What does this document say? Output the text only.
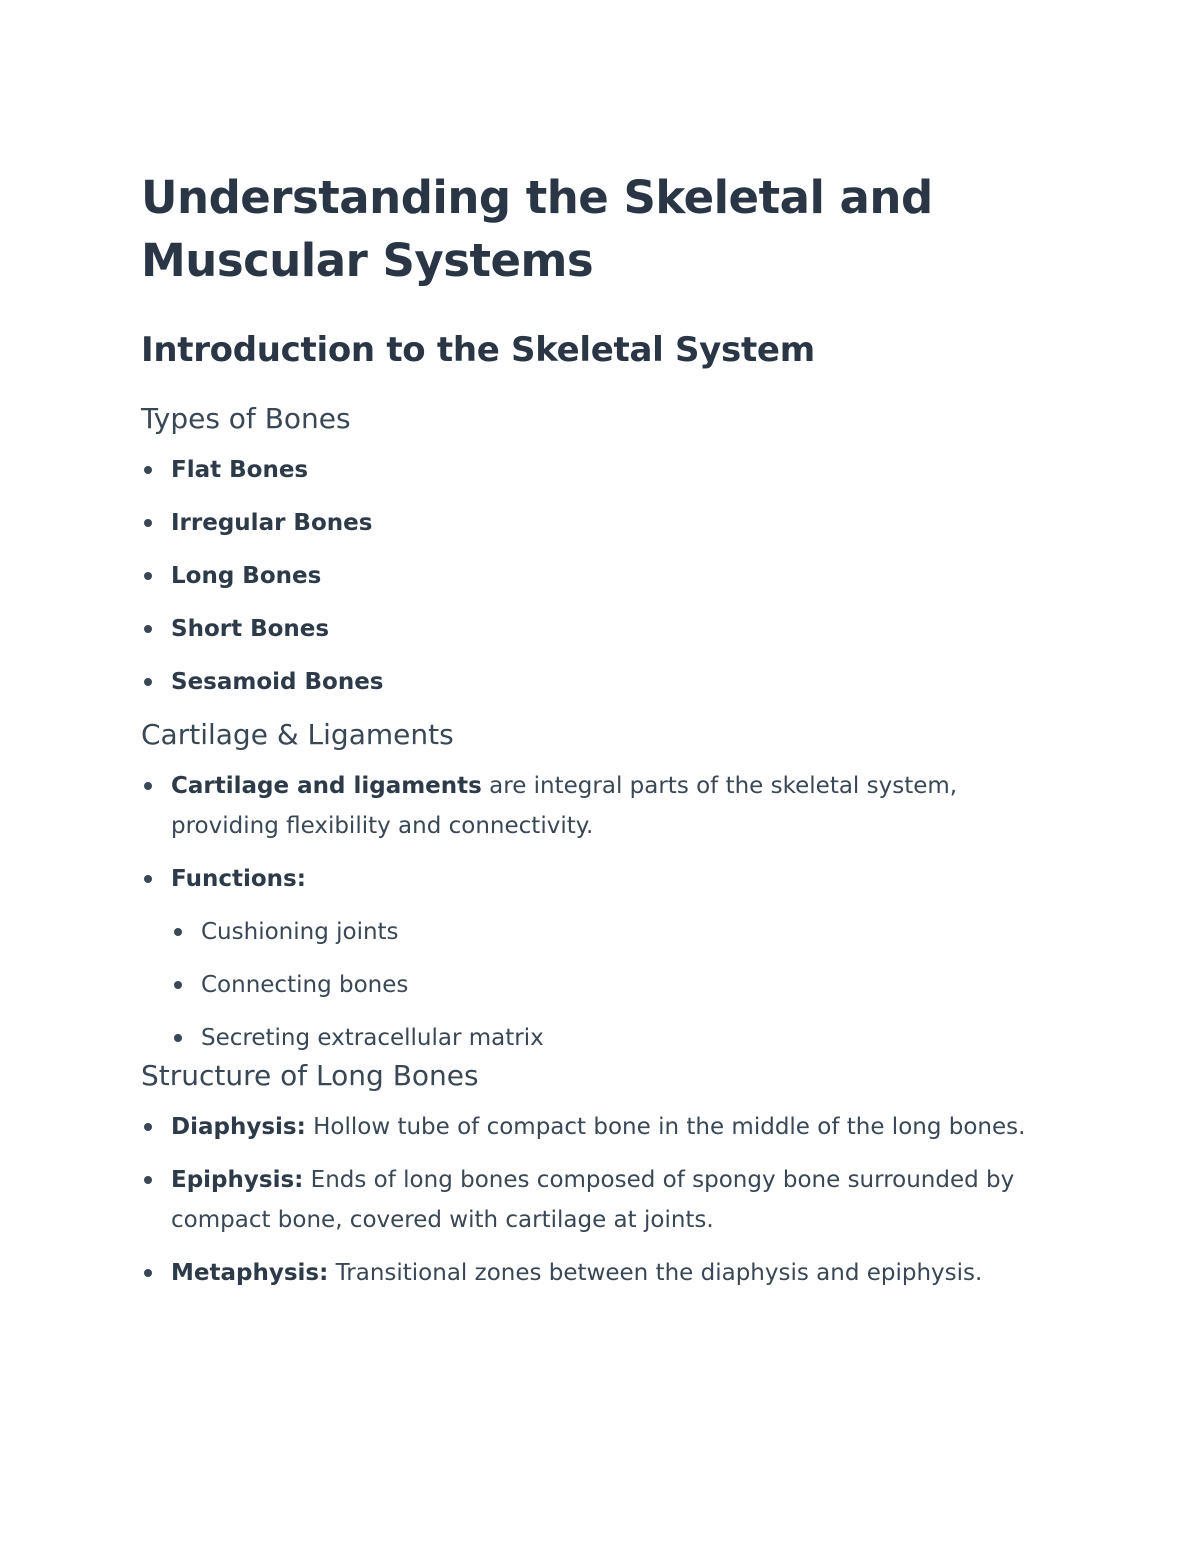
Understanding the Skeletal and Muscular Systems
Introduction to the Skeletal System
Types of Bones
Flat Bones
Irregular Bones
Long Bones
Short Bones
Sesamoid Bones
Cartilage & Ligaments
Cartilage and ligaments are integral parts of the skeletal system, providing flexibility and connectivity.
Functions:
Cushioning joints
Connecting bones
Secreting extracellular matrix
Structure of Long Bones
Diaphysis: Hollow tube of compact bone in the middle of the long bones.
Epiphysis: Ends of long bones composed of spongy bone surrounded by compact bone, covered with cartilage at joints.
Metaphysis: Transitional zones between the diaphysis and epiphysis.
